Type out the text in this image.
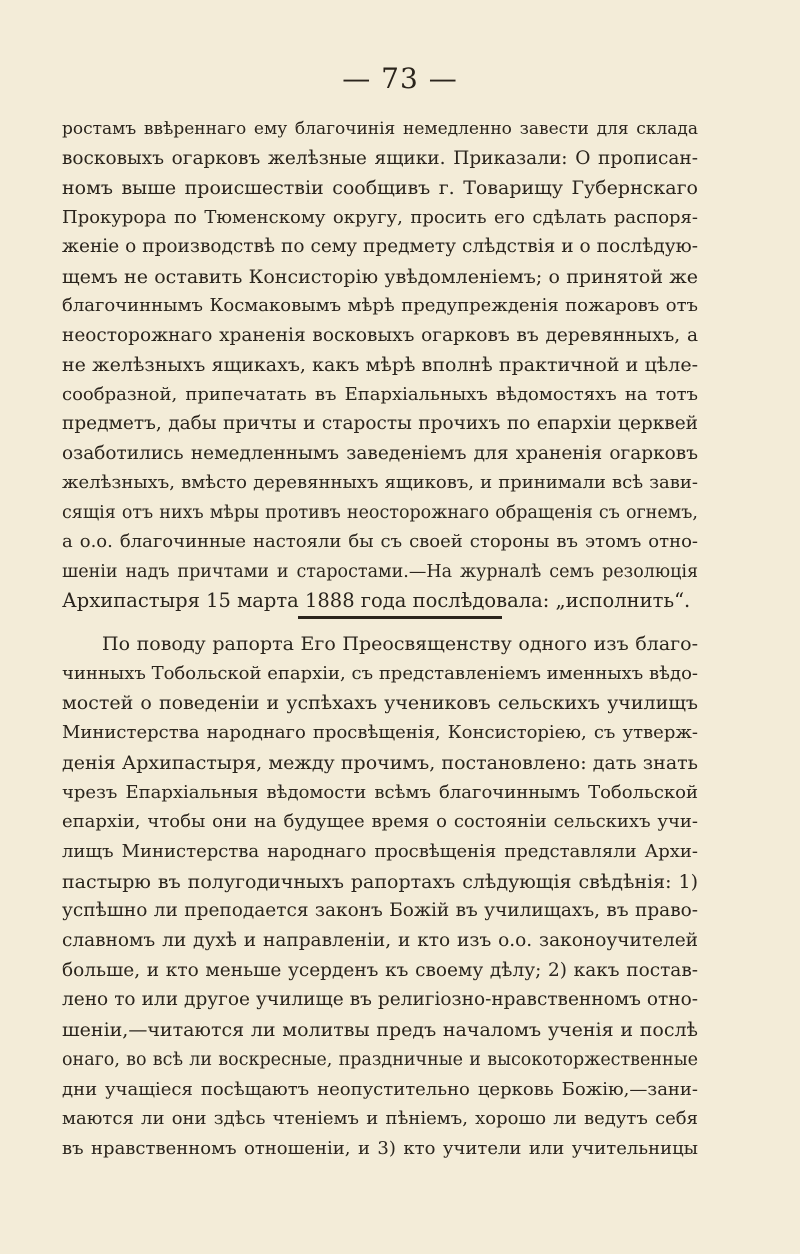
— 73 —
ростамъ ввѣреннаго ему благочинія немедленно завести для склада
восковыхъ огарковъ желѣзные ящики. Приказали: О прописан-
номъ выше происшествіи сообщивъ г. Товарищу Губернскаго
Прокурора по Тюменскому округу, просить его сдѣлать распоря-
женіе о производствѣ по сему предмету слѣдствія и о послѣдую-
щемъ не оставить Консисторію увѣдомленіемъ; о принятой же
благочиннымъ Космаковымъ мѣрѣ предупрежденія пожаровъ отъ
неосторожнаго храненія восковыхъ огарковъ въ деревянныхъ, а
не желѣзныхъ ящикахъ, какъ мѣрѣ вполнѣ практичной и цѣле-
сообразной, припечатать въ Епархіальныхъ вѣдомостяхъ на тотъ
предметъ, дабы причты и старосты прочихъ по епархіи церквей
озаботились немедленнымъ заведеніемъ для храненія огарковъ
желѣзныхъ, вмѣсто деревянныхъ ящиковъ, и принимали всѣ зави-
сящія отъ нихъ мѣры противъ неосторожнаго обращенія съ огнемъ,
а о.о. благочинные настояли бы съ своей стороны въ этомъ отно-
шеніи надъ причтами и старостами.—На журналѣ семъ резолюція
Архипастыря 15 марта 1888 года послѣдовала: „исполнить“.
По поводу рапорта Его Преосвященству одного изъ благо-
чинныхъ Тобольской епархіи, съ представленіемъ именныхъ вѣдо-
мостей о поведеніи и успѣхахъ учениковъ сельскихъ училищъ
Министерства народнаго просвѣщенія, Консисторіею, съ утверж-
денія Архипастыря, между прочимъ, постановлено: дать знать
чрезъ Епархіальныя вѣдомости всѣмъ благочиннымъ Тобольской
епархіи, чтобы они на будущее время о состояніи сельскихъ учи-
лищъ Министерства народнаго просвѣщенія представляли Архи-
пастырю въ полугодичныхъ рапортахъ слѣдующія свѣдѣнія: 1)
успѣшно ли преподается законъ Божій въ училищахъ, въ право-
славномъ ли духѣ и направленіи, и кто изъ о.о. законоучителей
больше, и кто меньше усерденъ къ своему дѣлу; 2) какъ постав-
лено то или другое училище въ религіозно-нравственномъ отно-
шеніи,—читаются ли молитвы предъ началомъ ученія и послѣ
онаго, во всѣ ли воскресные, праздничные и высокоторжественные
дни учащіеся посѣщаютъ неопустительно церковь Божію,—зани-
маются ли они здѣсь чтеніемъ и пѣніемъ, хорошо ли ведутъ себя
въ нравственномъ отношеніи, и 3) кто учители или учительницы
